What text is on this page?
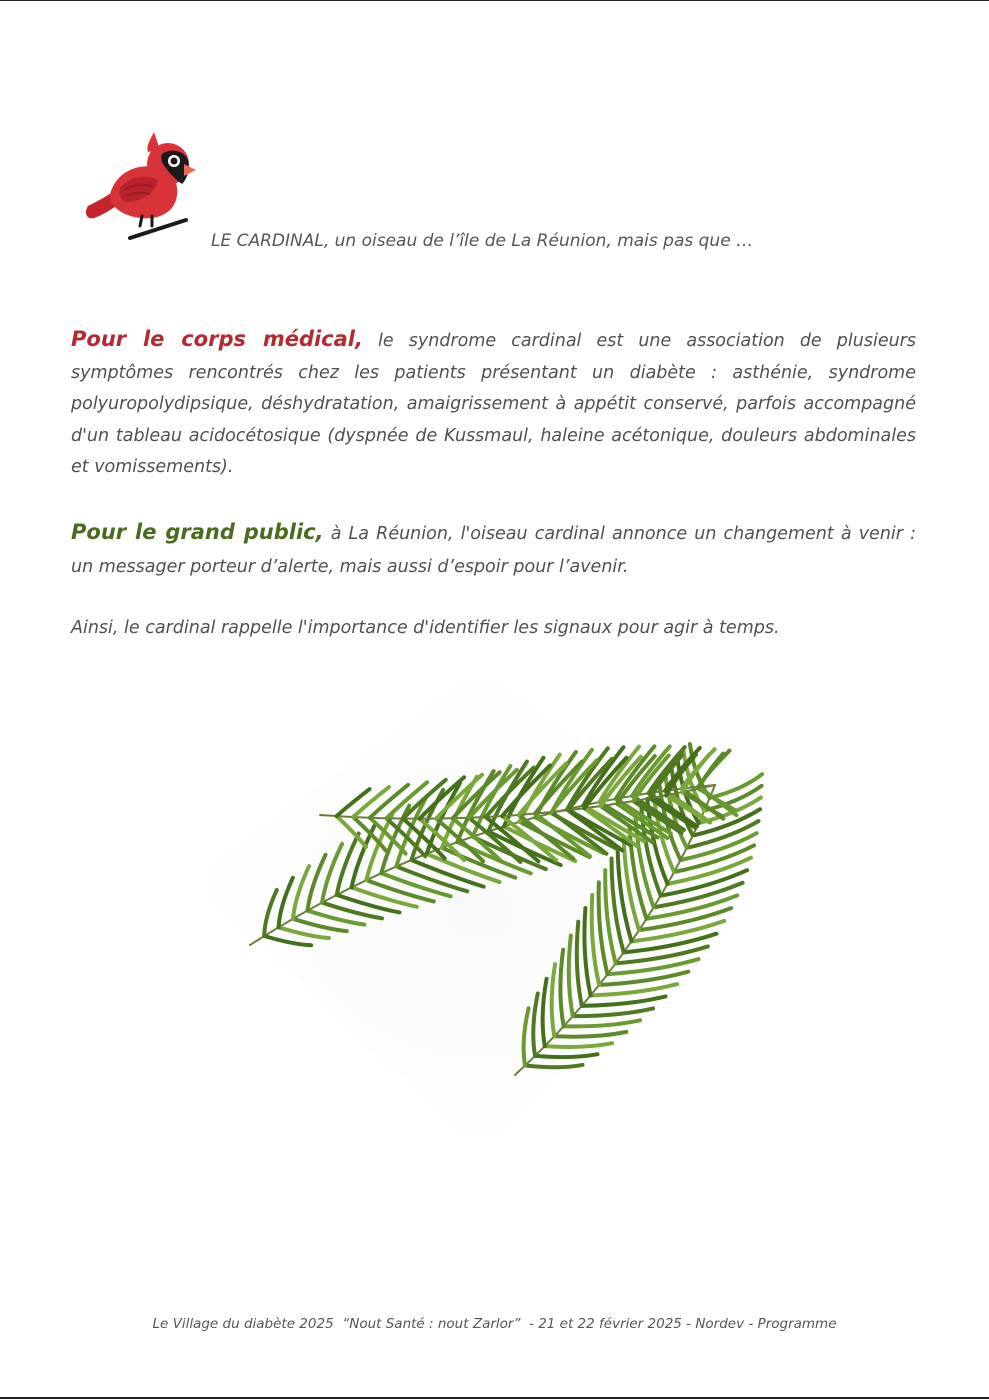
LE CARDINAL, un oiseau de l’île de La Réunion, mais pas que …

Pour le corps médical, le syndrome cardinal est une association de plusieurs symptômes rencontrés chez les patients présentant un diabète : asthénie, syndrome polyuropolydipsique, déshydratation, amaigrissement à appétit conservé, parfois accompagné d'un tableau acidocétosique (dyspnée de Kussmaul, haleine acétonique, douleurs abdominales et vomissements).

Pour le grand public, à La Réunion, l'oiseau cardinal annonce un changement à venir : un messager porteur d’alerte, mais aussi d’espoir pour l’avenir.

Ainsi, le cardinal rappelle l'importance d'identifier les signaux pour agir à temps.

Le Village du diabète 2025  “Nout Santé : nout Zarlor”  - 21 et 22 février 2025 - Nordev - Programme
